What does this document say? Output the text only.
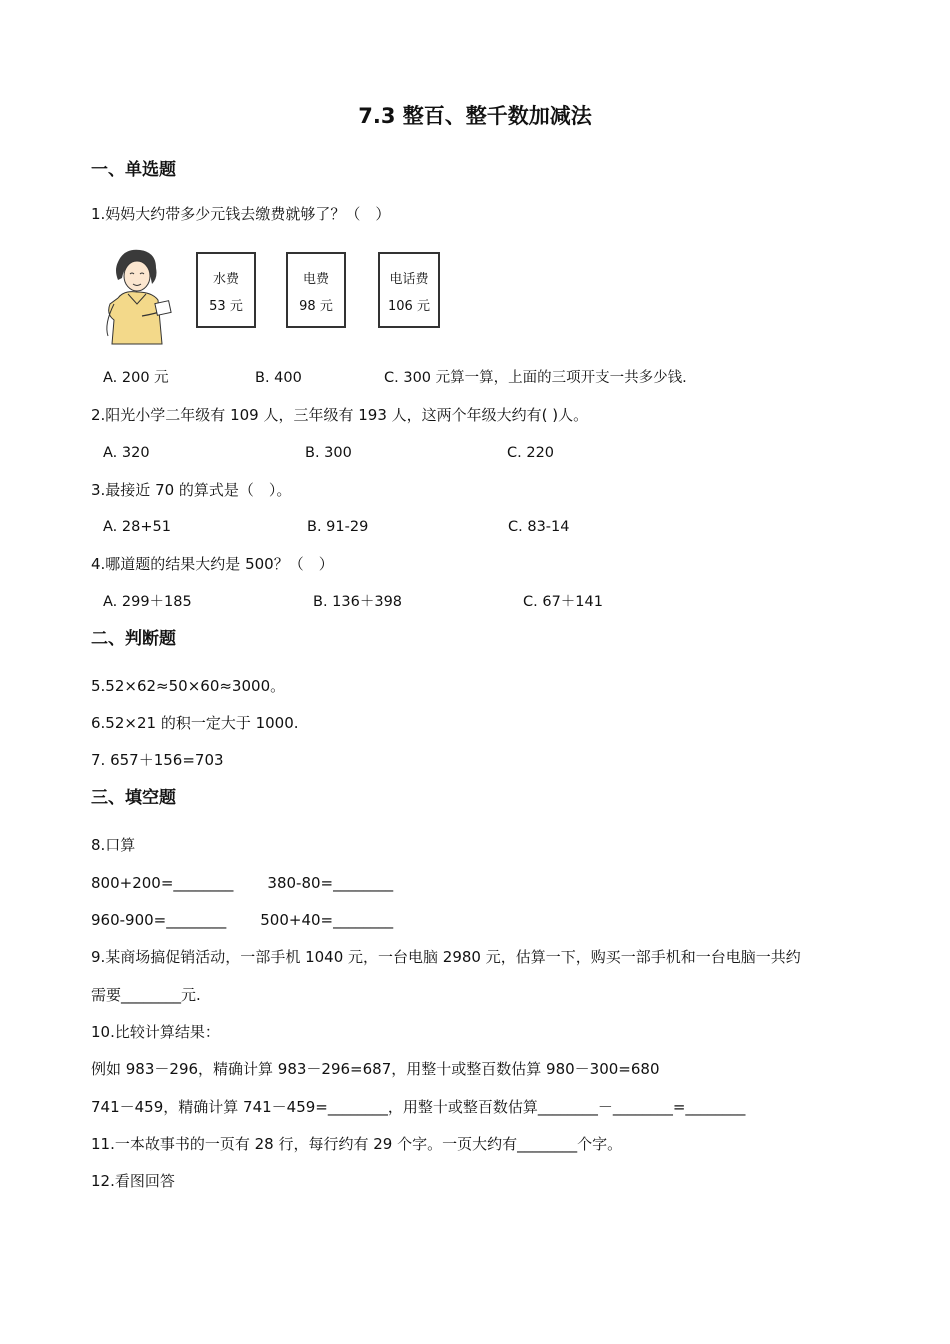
7.3 整百、整千数加减法
一、单选题
1.妈妈大约带多少元钱去缴费就够了？（　）
水费
53 元
电费
98 元
电话费
106 元
A. 200 元	B. 400	C. 300 元算一算，上面的三项开支一共多少钱.
2.阳光小学二年级有 109 人，三年级有 193 人，这两个年级大约有( )人。
A. 320	B. 300	C. 220
3.最接近 70 的算式是（　）。
A. 28+51	B. 91-29	C. 83-14
4.哪道题的结果大约是 500？（　）
A. 299＋185	B. 136＋398	C. 67＋141
二、判断题
5.52×62≈50×60≈3000。
6.52×21 的积一定大于 1000.
7. 657＋156=703
三、填空题
8.口算
800+200=________ 380-80=________
960-900=________ 500+40=________
9.某商场搞促销活动，一部手机 1040 元，一台电脑 2980 元，估算一下，购买一部手机和一台电脑一共约
需要________元.
10.比较计算结果：
例如 983－296，精确计算 983－296=687，用整十或整百数估算 980－300=680
741－459，精确计算 741－459=________，用整十或整百数估算________－________=________
11.一本故事书的一页有 28 行，每行约有 29 个字。一页大约有________个字。
12.看图回答
